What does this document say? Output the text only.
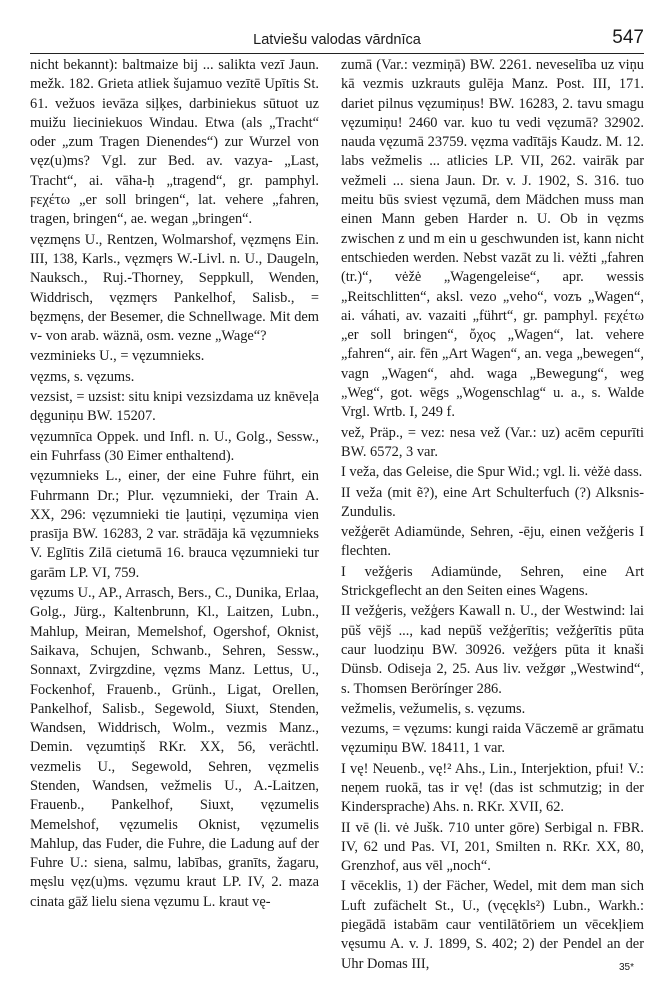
Latviešu valodas vārdnīca	547

nicht bekannt): baltmaize bij ... salikta vezī Jaun. mežk. 182. Grieta atliek šujamuo vezītē Upītis St. 61. vežuos ievāza siļķes, darbiniekus sūtuot uz muižu lieciniekuos Windau. Etwa (als „Tracht“ oder „zum Tragen Dienendes“) zur Wurzel von vęz(u)ms? Vgl. zur Bed. av. vazya- „Last, Tracht“, ai. vāha-ḥ „tragend“, gr. pamphyl. ϝεχέτω „er soll bringen“, lat. vehere „fahren, tragen, bringen“, ae. wegan „bringen“.

vęzmęns U., Rentzen, Wolmarshof, vęzmęns Ein. III, 138, Karls., vęzmęrs W.-Livl. n. U., Daugeln, Nauksch., Ruj.-Thorney, Seppkull, Wenden, Widdrisch, vęzmęrs Pankelhof, Salisb., = bęzmęns, der Besemer, die Schnellwage. Mit dem v- von arab. wäznä, osm. vezne „Wage“?

vezminieks U., = vęzumnieks.

vęzms, s. vęzums.

vezsist, = uzsist: situ knipi vezsizdama uz knēveļa dęguniņu BW. 15207.

vęzumnīca Oppek. und Infl. n. U., Golg., Sessw., ein Fuhrfass (30 Eimer enthaltend).

vęzumnieks L., einer, der eine Fuhre führt, ein Fuhrmann Dr.; Plur. vęzumnieki, der Train A. XX, 296: vęzumnieki tie ļautiņi, vęzumiņa vien prasīja BW. 16283, 2 var. strādāja kā vęzumnieks V. Eglītis Zilā cietumā 16. brauca vęzumnieki tur garām LP. VI, 759.

vęzums U., AP., Arrasch, Bers., C., Dunika, Erlaa, Golg., Jürg., Kaltenbrunn, Kl., Laitzen, Lubn., Mahlup, Meiran, Memelshof, Ogershof, Oknist, Saikava, Schujen, Schwanb., Sehren, Sessw., Sonnaxt, Zvirgzdine, vęzms Manz. Lettus, U., Fockenhof, Frauenb., Grünh., Ligat, Orellen, Pankelhof, Salisb., Segewold, Siuxt, Stenden, Wandsen, Widdrisch, Wolm., vezmis Manz., Demin. vęzumtiņš RKr. XX, 56, verächtl. vezmelis U., Segewold, Sehren, vęzmelis Stenden, Wandsen, vežmelis U., A.-Laitzen, Frauenb., Pankelhof, Siuxt, vęzumelis Memelshof, vęzumelis Oknist, vęzumelis Mahlup, das Fuder, die Fuhre, die Ladung auf der Fuhre U.: siena, salmu, labības, granīts, žagaru, męslu vęz(u)ms. vęzumu kraut LP. IV, 2. maza cinata gāž lielu siena vęzumu L. kraut vę-

zumā (Var.: vezmiņā) BW. 2261. neveselība uz viņu kā vezmis uzkrauts gulēja Manz. Post. III, 171. dariet pilnus vęzumiņus! BW. 16283, 2. tavu smagu vęzumiņu! 2460 var. kuo tu vedi vęzumā? 32902. nauda vęzumā 23759. vęzma vadītājs Kaudz. M. 12. labs vežmelis ... atlicies LP. VII, 262. vairāk par vežmeli ... siena Jaun. Dr. v. J. 1902, S. 316. tuo meitu būs sviest vęzumā, dem Mädchen muss man einen Mann geben Harder n. U. Ob in vęzms zwischen z und m ein u geschwunden ist, kann nicht entschieden werden. Nebst vazāt zu li. vėžti „fahren (tr.)“, vėžė „Wagengeleise“, apr. wessis „Reitschlitten“, aksl. vezo „veho“, vozъ „Wagen“, ai. váhati, av. vazaiti „führt“, gr. pamphyl. ϝεχέτω „er soll bringen“, ὄχος „Wagen“, lat. vehere „fahren“, air. fēn „Art Wagen“, an. vega „bewegen“, vagn „Wagen“, ahd. waga „Bewegung“, weg „Weg“, got. wēgs „Wogenschlag“ u. a., s. Walde Vrgl. Wrtb. I, 249 f.

vež, Präp., = vez: nesa vež (Var.: uz) acēm cepurīti BW. 6572, 3 var.

I veža, das Geleise, die Spur Wid.; vgl. li. vėžė dass.

II veža (mit ẽ?), eine Art Schulterfuch (?) Alksnis-Zundulis.

vežģerēt Adiamünde, Sehren, -ēju, einen vežģeris I flechten.

I vežģeris Adiamünde, Sehren, eine Art Strickgeflecht an den Seiten eines Wagens.

II vežģeris, vežģers Kawall n. U., der Westwind: lai pūš vējš ..., kad nepūš vežģerītis; vežģerītis pūta caur luodziņu BW. 30926. vežģers pūta it knaši Dünsb. Odiseja 2, 25. Aus liv. vežgør „Westwind“, s. Thomsen Berörínger 286.

vežmelis, vežumelis, s. vęzums.

vezums, = vęzums: kungi raida Vāczemē ar grāmatu vęzumiņu BW. 18411, 1 var.

I vę! Neuenb., vę!² Ahs., Lin., Interjektion, pfui! V.: neņem ruokā, tas ir vę! (das ist schmutzig; in der Kindersprache) Ahs. n. RKr. XVII, 62.

II vē (li. vė Jušk. 710 unter gōre) Serbigal n. FBR. IV, 62 und Pas. VI, 201, Smilten n. RKr. XX, 80, Grenzhof, aus vēl „noch“.

I vēceklis, 1) der Fächer, Wedel, mit dem man sich Luft zufächelt St., U., (vęcękls²) Lubn., Warkh.: piegādā istabām caur ventilātōriem un vēcekļiem vęsumu A. v. J. 1899, S. 402; 2) der Pendel an der Uhr Domas III,	35*
